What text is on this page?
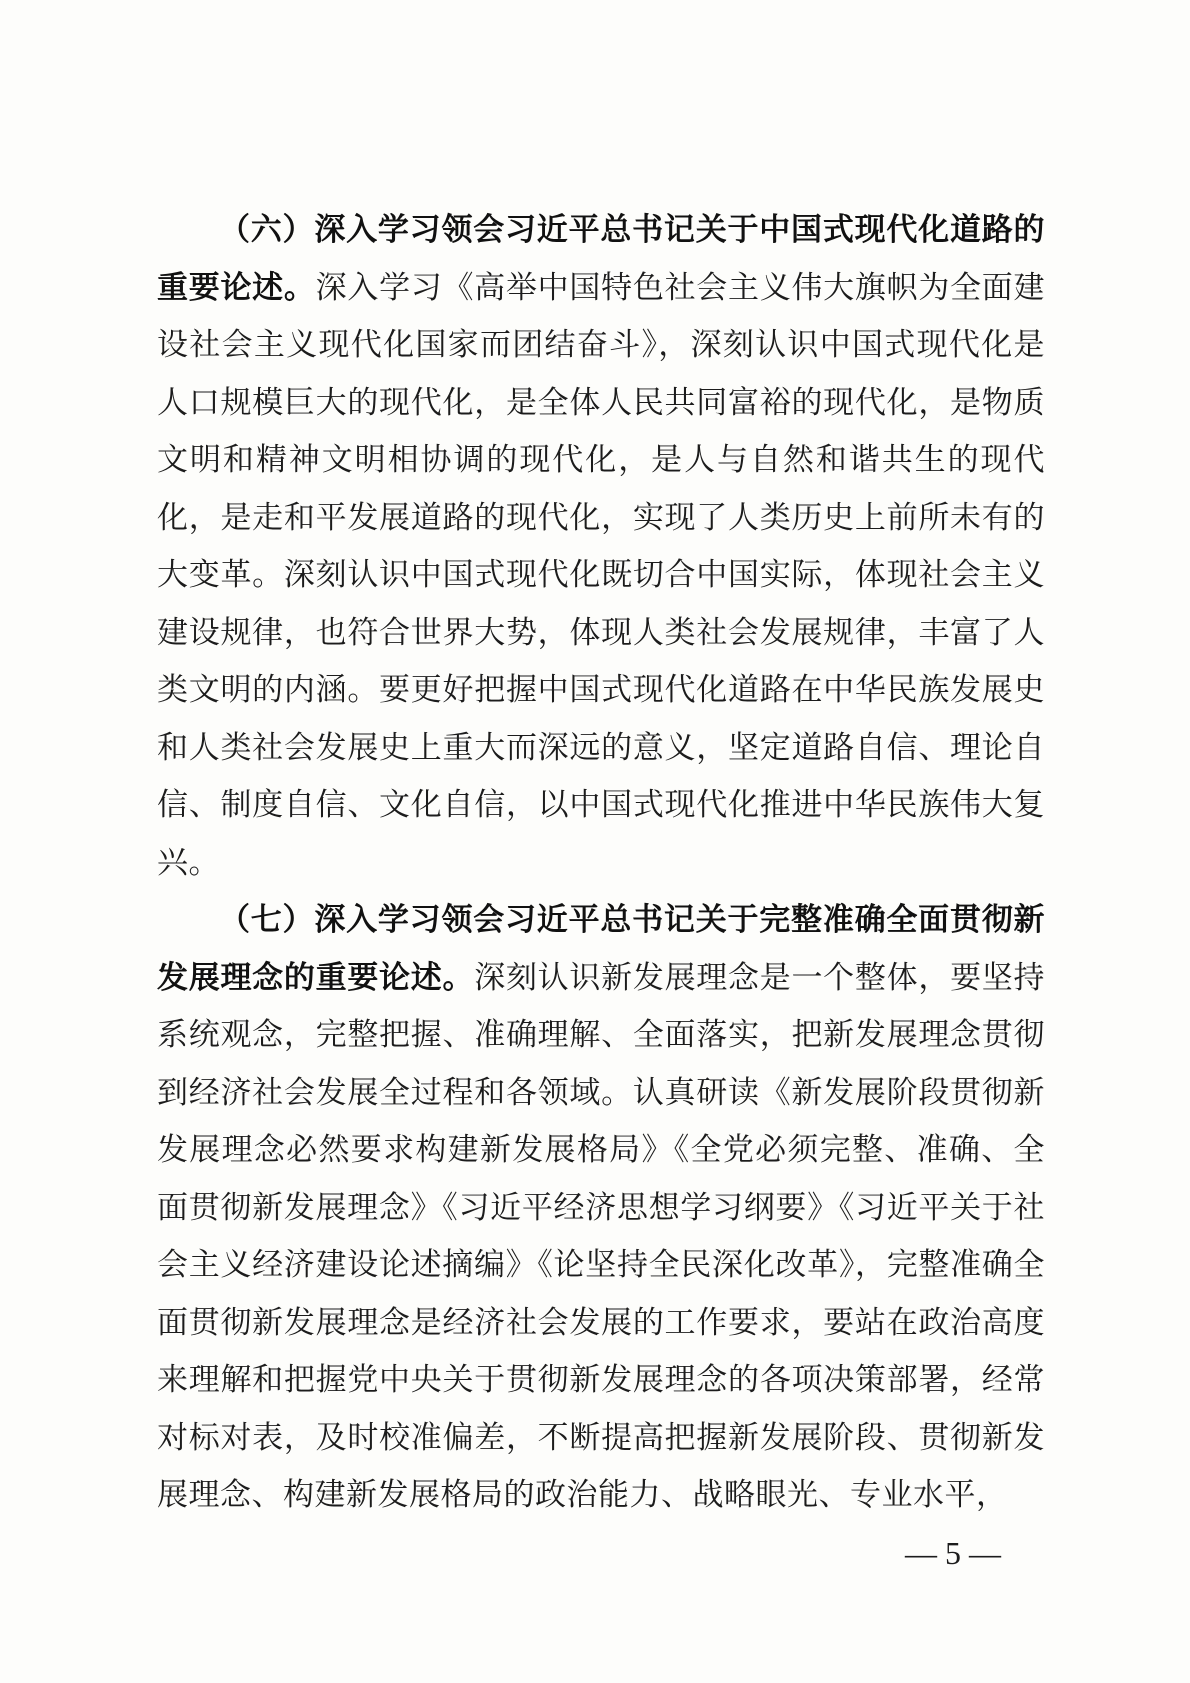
（六）深入学习领会习近平总书记关于中国式现代化道路的重要论述。深入学习《高举中国特色社会主义伟大旗帜为全面建设社会主义现代化国家而团结奋斗》，深刻认识中国式现代化是人口规模巨大的现代化，是全体人民共同富裕的现代化，是物质文明和精神文明相协调的现代化，是人与自然和谐共生的现代化，是走和平发展道路的现代化，实现了人类历史上前所未有的大变革。深刻认识中国式现代化既切合中国实际，体现社会主义建设规律，也符合世界大势，体现人类社会发展规律，丰富了人类文明的内涵。要更好把握中国式现代化道路在中华民族发展史和人类社会发展史上重大而深远的意义，坚定道路自信、理论自信、制度自信、文化自信，以中国式现代化推进中华民族伟大复兴。

（七）深入学习领会习近平总书记关于完整准确全面贯彻新发展理念的重要论述。深刻认识新发展理念是一个整体，要坚持系统观念，完整把握、准确理解、全面落实，把新发展理念贯彻到经济社会发展全过程和各领域。认真研读《新发展阶段贯彻新发展理念必然要求构建新发展格局》《全党必须完整、准确、全面贯彻新发展理念》《习近平经济思想学习纲要》《习近平关于社会主义经济建设论述摘编》《论坚持全民深化改革》，完整准确全面贯彻新发展理念是经济社会发展的工作要求，要站在政治高度来理解和把握党中央关于贯彻新发展理念的各项决策部署，经常对标对表，及时校准偏差，不断提高把握新发展阶段、贯彻新发展理念、构建新发展格局的政治能力、战略眼光、专业水平，

— 5 —
